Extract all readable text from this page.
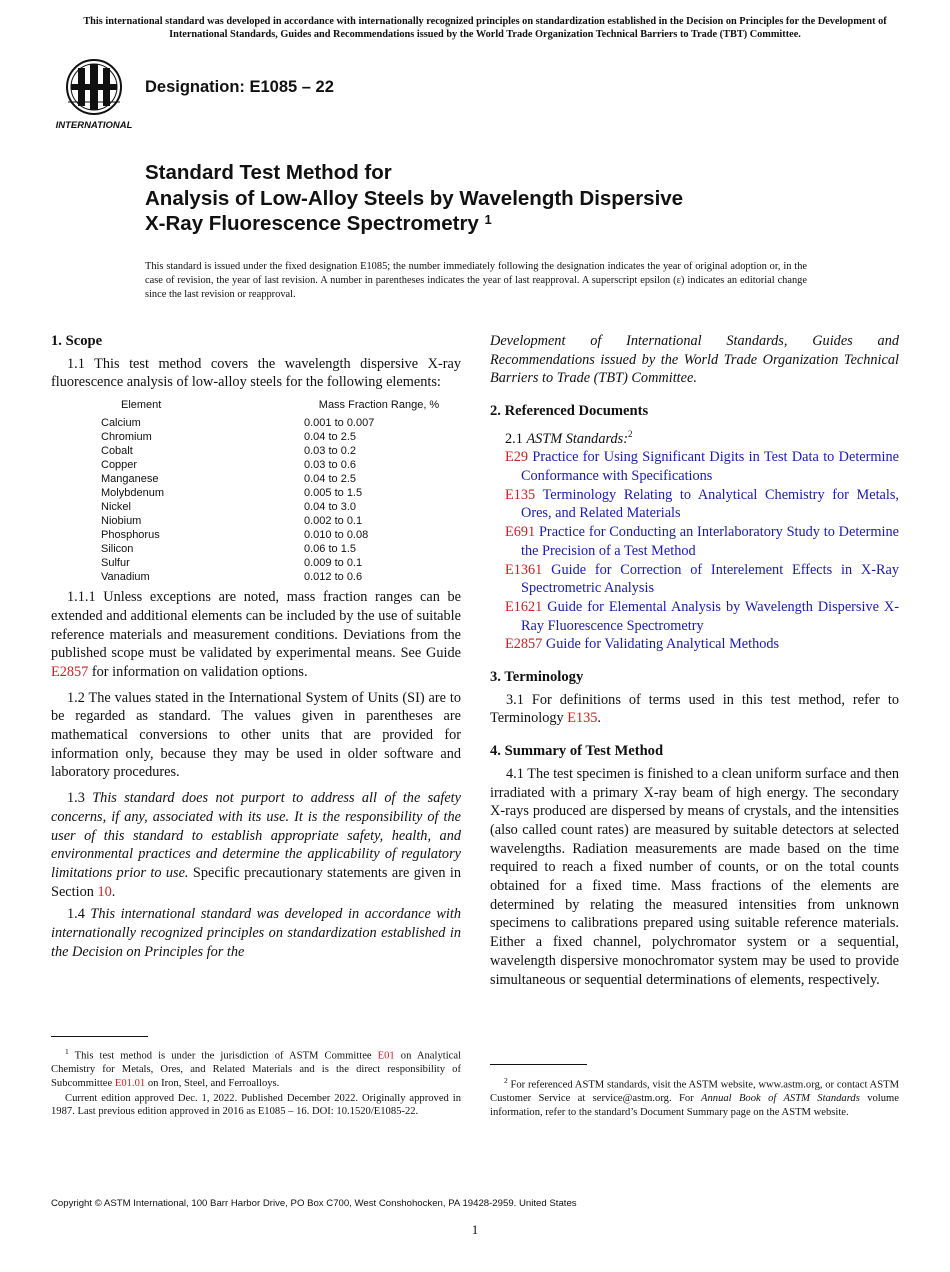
This international standard was developed in accordance with internationally recognized principles on standardization established in the Decision on Principles for the Development of International Standards, Guides and Recommendations issued by the World Trade Organization Technical Barriers to Trade (TBT) Committee.
INTERNATIONAL
Designation: E1085 – 22
Standard Test Method for
Analysis of Low-Alloy Steels by Wavelength Dispersive
X-Ray Fluorescence Spectrometry $^1$
This standard is issued under the fixed designation E1085; the number immediately following the designation indicates the year of original adoption or, in the case of revision, the year of last revision. A number in parentheses indicates the year of last reapproval. A superscript epsilon (ε) indicates an editorial change since the last revision or reapproval.
1. Scope

1.1 This test method covers the wavelength dispersive X-ray fluorescence analysis of low-alloy steels for the following elements:

Element	Mass Fraction Range, %

Calcium	0.001 to 0.007
Chromium	0.04 to 2.5
Cobalt	0.03 to 0.2
Copper	0.03 to 0.6
Manganese	0.04 to 2.5
Molybdenum	0.005 to 1.5
Nickel	0.04 to 3.0
Niobium	0.002 to 0.1
Phosphorus	0.010 to 0.08
Silicon	0.06 to 1.5
Sulfur	0.009 to 0.1
Vanadium	0.012 to 0.6

1.1.1 Unless exceptions are noted, mass fraction ranges can be extended and additional elements can be included by the use of suitable reference materials and measurement conditions. Deviations from the published scope must be validated by experimental means. See Guide E2857 for information on validation options.

1.2 The values stated in the International System of Units (SI) are to be regarded as standard. The values given in parentheses are mathematical conversions to other units that are provided for information only, because they may be used in older software and laboratory procedures.

1.3 This standard does not purport to address all of the safety concerns, if any, associated with its use. It is the responsibility of the user of this standard to establish appropriate safety, health, and environmental practices and determine the applicability of regulatory limitations prior to use. Specific precautionary statements are given in Section 10.

1.4 This international standard was developed in accordance with internationally recognized principles on standardization established in the Decision on Principles for the

$^1$ This test method is under the jurisdiction of ASTM Committee E01 on Analytical Chemistry for Metals, Ores, and Related Materials and is the direct responsibility of Subcommittee E01.01 on Iron, Steel, and Ferroalloys.

Current edition approved Dec. 1, 2022. Published December 2022. Originally approved in 1987. Last previous edition approved in 2016 as E1085 – 16. DOI: 10.1520/E1085-22.

Development of International Standards, Guides and Recommendations issued by the World Trade Organization Technical Barriers to Trade (TBT) Committee.

2. Referenced Documents
2.1 ASTM Standards:$^2$
E29 Practice for Using Significant Digits in Test Data to Determine Conformance with Specifications
E135 Terminology Relating to Analytical Chemistry for Metals, Ores, and Related Materials
E691 Practice for Conducting an Interlaboratory Study to Determine the Precision of a Test Method
E1361 Guide for Correction of Interelement Effects in X-Ray Spectrometric Analysis
E1621 Guide for Elemental Analysis by Wavelength Dispersive X-Ray Fluorescence Spectrometry
E2857 Guide for Validating Analytical Methods
3. Terminology

3.1 For definitions of terms used in this test method, refer to Terminology E135.

4. Summary of Test Method

4.1 The test specimen is finished to a clean uniform surface and then irradiated with a primary X-ray beam of high energy. The secondary X-rays produced are dispersed by means of crystals, and the intensities (also called count rates) are measured by suitable detectors at selected wavelengths. Radiation measurements are made based on the time required to reach a fixed number of counts, or on the total counts obtained for a fixed time. Mass fractions of the elements are determined by relating the measured intensities from unknown specimens to calibrations prepared using suitable reference materials. Either a fixed channel, polychromator system or a sequential, wavelength dispersive monochromator system may be used to provide simultaneous or sequential determinations of elements, respectively.

$^2$ For referenced ASTM standards, visit the ASTM website, www.astm.org, or contact ASTM Customer Service at service@astm.org. For Annual Book of ASTM Standards volume information, refer to the standard’s Document Summary page on the ASTM website.

Copyright © ASTM International, 100 Barr Harbor Drive, PO Box C700, West Conshohocken, PA 19428-2959. United States
1
